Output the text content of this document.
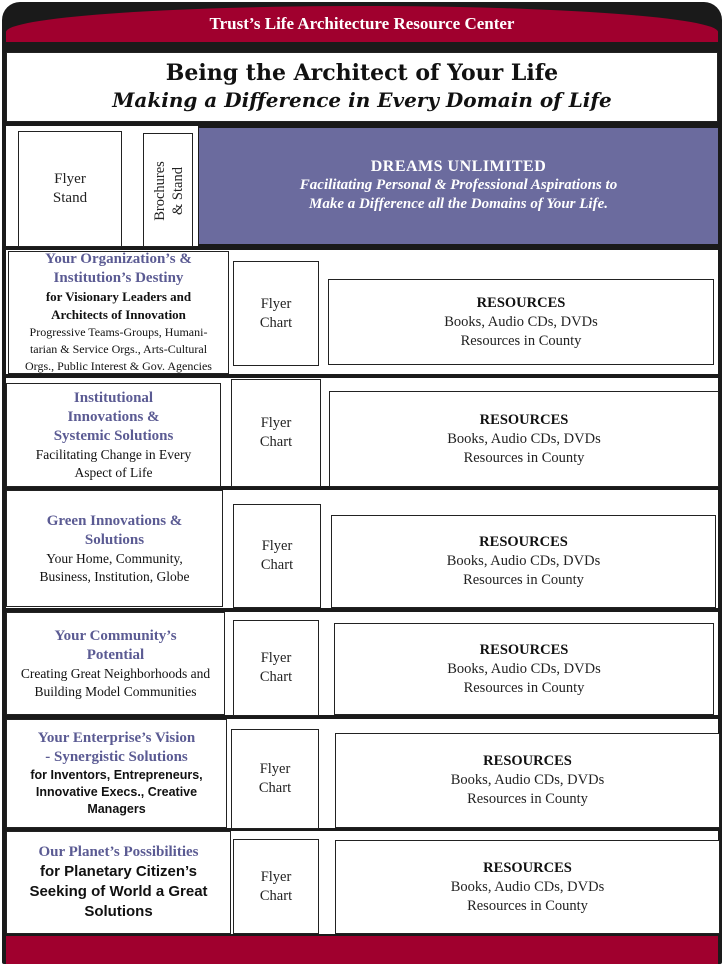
Trust’s Life Architecture Resource Center
Being the Architect of Your Life
Making a Difference in Every Domain of Life
Flyer
Stand	Brochures & Stand
DREAMS UNLIMITED
Facilitating Personal & Professional Aspirations to
Make a Difference all the Domains of Your Life.
Your Organization’s &
Institution’s Destiny
for Visionary Leaders and
Architects of Innovation
Progressive Teams-Groups, Humani-
tarian & Service Orgs., Arts-Cultural
Orgs., Public Interest & Gov. Agencies
Flyer
Chart
RESOURCES
Books, Audio CDs, DVDs
Resources in County
Institutional
Innovations &
Systemic Solutions
Facilitating Change in Every
Aspect of Life
Flyer
Chart
RESOURCES
Books, Audio CDs, DVDs
Resources in County
Green Innovations &
Solutions
Your Home, Community,
Business, Institution, Globe
Flyer
Chart
RESOURCES
Books, Audio CDs, DVDs
Resources in County
Your Community’s
Potential
Creating Great Neighborhoods and
Building Model Communities
Flyer
Chart
RESOURCES
Books, Audio CDs, DVDs
Resources in County
Your Enterprise’s Vision
- Synergistic Solutions
for Inventors, Entrepreneurs,
Innovative Execs., Creative
Managers
Flyer
Chart
RESOURCES
Books, Audio CDs, DVDs
Resources in County
Our Planet’s Possibilities
for Planetary Citizen’s
Seeking of World a Great
Solutions
Flyer
Chart
RESOURCES
Books, Audio CDs, DVDs
Resources in County
